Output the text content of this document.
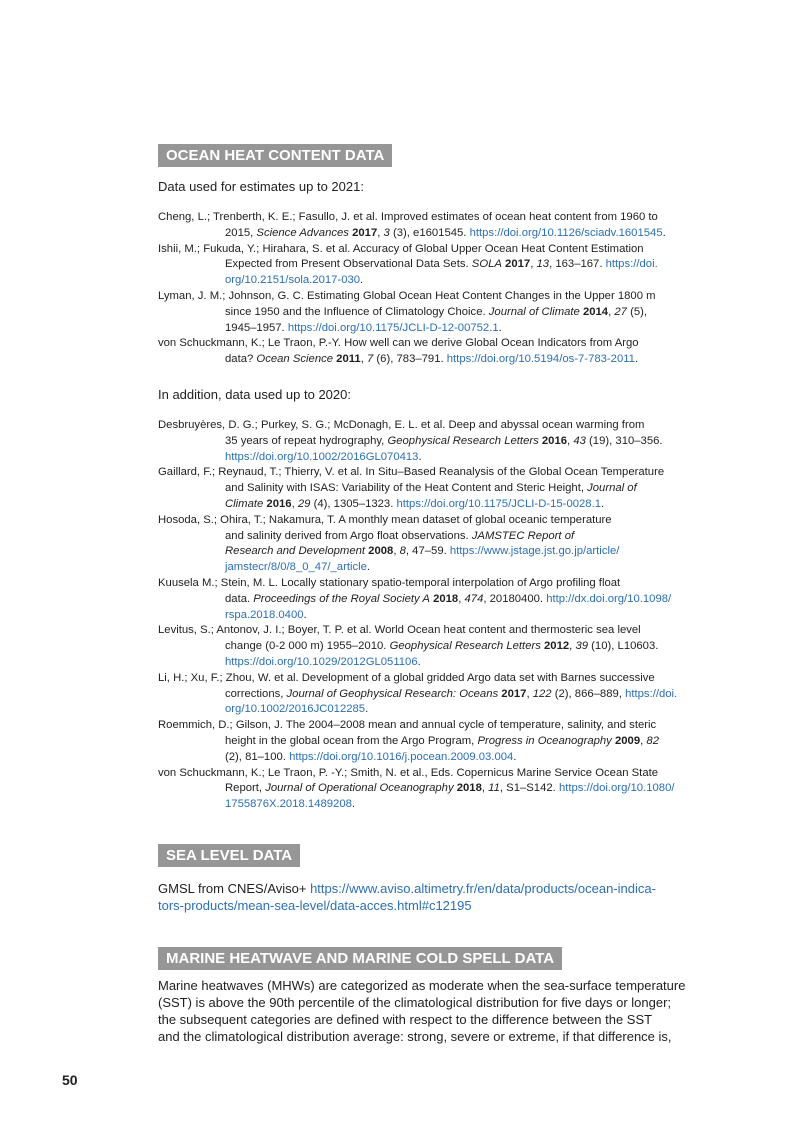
OCEAN HEAT CONTENT DATA
Data used for estimates up to 2021:

Cheng, L.; Trenberth, K. E.; Fasullo, J. et al. Improved estimates of ocean heat content from 1960 to
2015, Science Advances 2017, 3 (3), e1601545. https://doi.org/10.1126/sciadv.1601545.

Ishii, M.; Fukuda, Y.; Hirahara, S. et al. Accuracy of Global Upper Ocean Heat Content Estimation
Expected from Present Observational Data Sets. SOLA 2017, 13, 163–167. https://doi.
org/10.2151/sola.2017-030.

Lyman, J. M.; Johnson, G. C. Estimating Global Ocean Heat Content Changes in the Upper 1800 m
since 1950 and the Influence of Climatology Choice. Journal of Climate 2014, 27 (5),
1945–1957. https://doi.org/10.1175/JCLI-D-12-00752.1.

von Schuckmann, K.; Le Traon, P.-Y. How well can we derive Global Ocean Indicators from Argo
data? Ocean Science 2011, 7 (6), 783–791. https://doi.org/10.5194/os-7-783-2011.

In addition, data used up to 2020:

Desbruyères, D. G.; Purkey, S. G.; McDonagh, E. L. et al. Deep and abyssal ocean warming from
35 years of repeat hydrography, Geophysical Research Letters 2016, 43 (19), 310–356.
https://doi.org/10.1002/2016GL070413.

Gaillard, F.; Reynaud, T.; Thierry, V. et al. In Situ–Based Reanalysis of the Global Ocean Temperature
and Salinity with ISAS: Variability of the Heat Content and Steric Height, Journal of
Climate 2016, 29 (4), 1305–1323. https://doi.org/10.1175/JCLI-D-15-0028.1.

Hosoda, S.; Ohira, T.; Nakamura, T. A monthly mean dataset of global oceanic temperature
and salinity derived from Argo float observations. JAMSTEC Report of
Research and Development 2008, 8, 47–59. https://www.jstage.jst.go.jp/article/
jamstecr/8/0/8_0_47/_article.

Kuusela M.; Stein, M. L. Locally stationary spatio-temporal interpolation of Argo profiling float
data. Proceedings of the Royal Society A 2018, 474, 20180400. http://dx.doi.org/10.1098/
rspa.2018.0400.

Levitus, S.; Antonov, J. I.; Boyer, T. P. et al. World Ocean heat content and thermosteric sea level
change (0-2 000 m) 1955–2010. Geophysical Research Letters 2012, 39 (10), L10603.
https://doi.org/10.1029/2012GL051106.

Li, H.; Xu, F.; Zhou, W. et al. Development of a global gridded Argo data set with Barnes successive
corrections, Journal of Geophysical Research: Oceans 2017, 122 (2), 866–889, https://doi.
org/10.1002/2016JC012285.

Roemmich, D.; Gilson, J. The 2004–2008 mean and annual cycle of temperature, salinity, and steric
height in the global ocean from the Argo Program, Progress in Oceanography 2009, 82
(2), 81–100. https://doi.org/10.1016/j.pocean.2009.03.004.

von Schuckmann, K.; Le Traon, P. -Y.; Smith, N. et al., Eds. Copernicus Marine Service Ocean State
Report, Journal of Operational Oceanography 2018, 11, S1–S142. https://doi.org/10.1080/
1755876X.2018.1489208.

SEA LEVEL DATA
GMSL from CNES/Aviso+ https://www.aviso.altimetry.fr/en/data/products/ocean-indica-
tors-products/mean-sea-level/data-acces.html#c12195
MARINE HEATWAVE AND MARINE COLD SPELL DATA
Marine heatwaves (MHWs) are categorized as moderate when the sea-surface temperature
(SST) is above the 90th percentile of the climatological distribution for five days or longer;
the subsequent categories are defined with respect to the difference between the SST
and the climatological distribution average: strong, severe or extreme, if that difference is,
50
